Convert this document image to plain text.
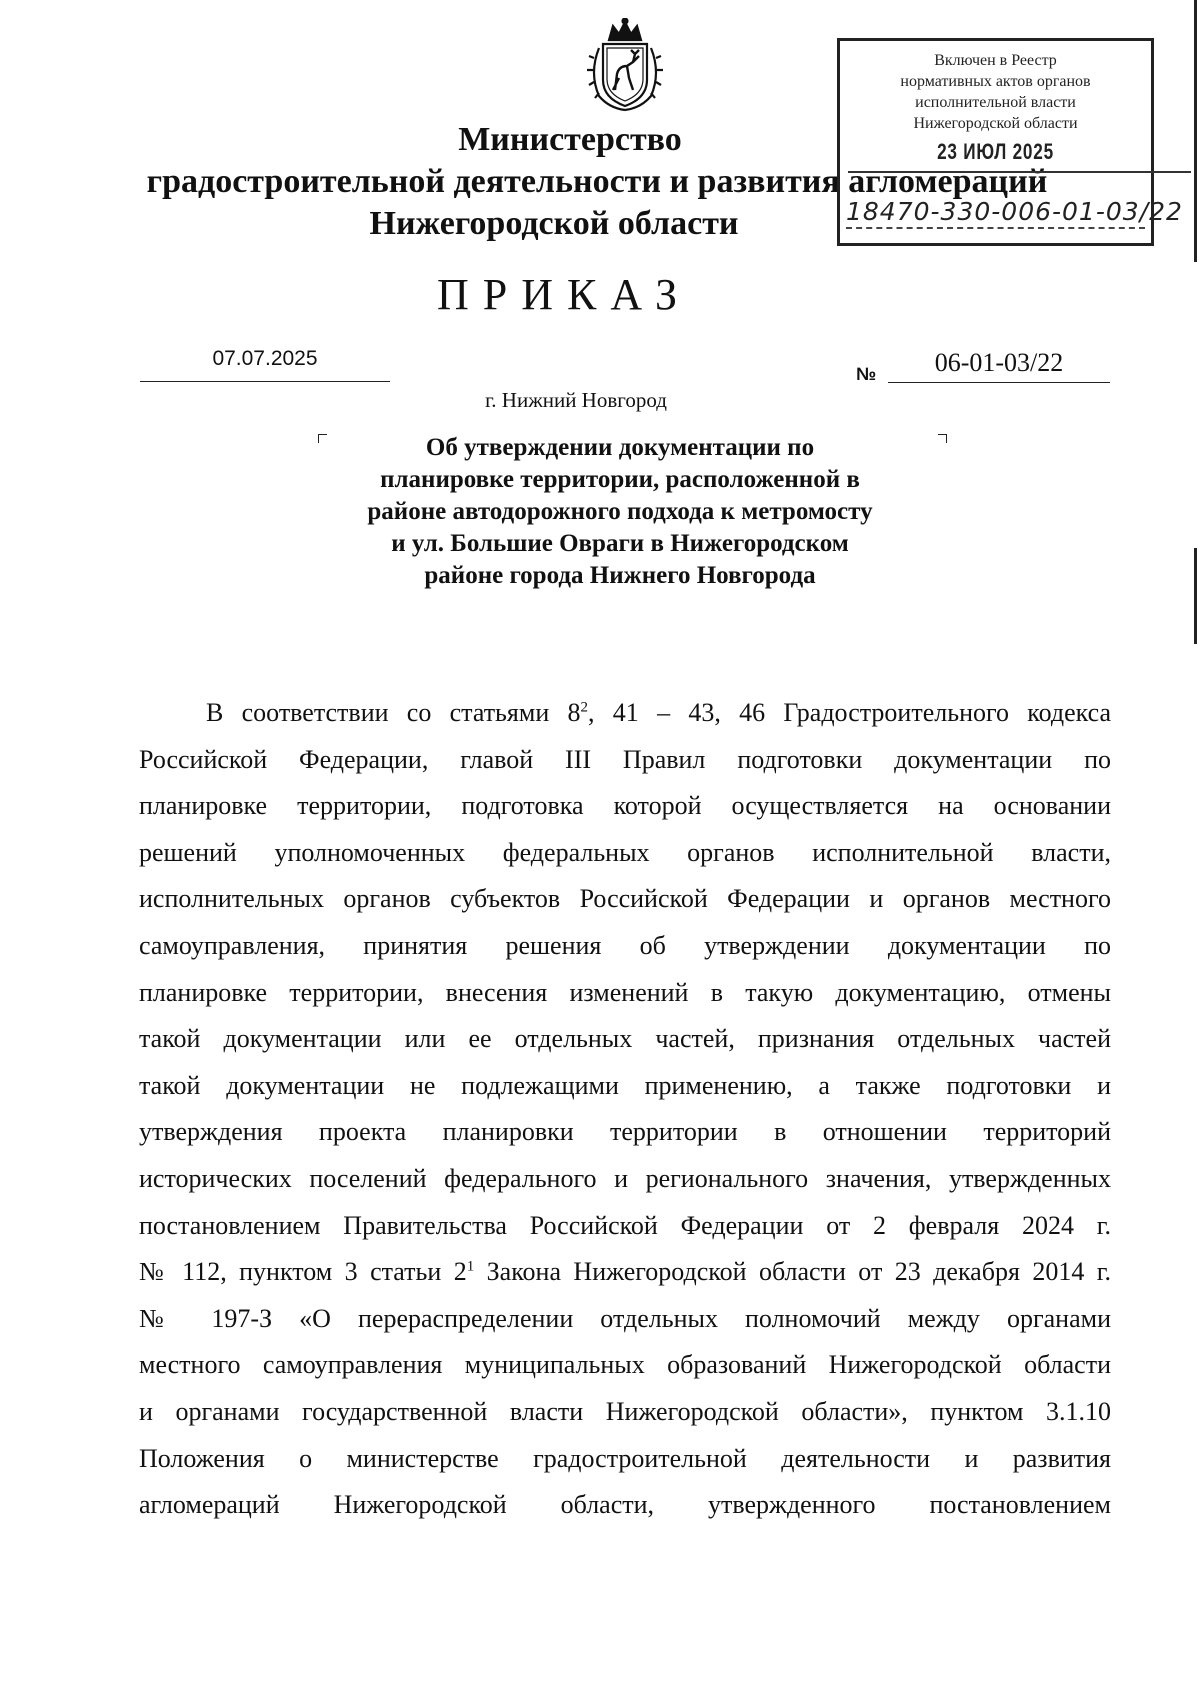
Министерство
градостроительной деятельности и развития агломераций
Нижегородской области
Включен в Реестр
нормативных актов органов
исполнительной власти
Нижегородской области
23 ИЮЛ 2025
18470-330-006-01-03/22
ПРИКАЗ
07.07.2025
№	06-01-03/22
г. Нижний Новгород
Об утверждении документации по
планировке территории, расположенной в
районе автодорожного подхода к метромосту
и ул. Большие Овраги в Нижегородском
районе города Нижнего Новгорода
В соответствии со статьями $8^2$, 41 – 43, 46 Градостроительного кодекса
Российской Федерации, главой III Правил подготовки документации по
планировке территории, подготовка которой осуществляется на основании
решений уполномоченных федеральных органов исполнительной власти,
исполнительных органов субъектов Российской Федерации и органов местного
самоуправления, принятия решения об утверждении документации по
планировке территории, внесения изменений в такую документацию, отмены
такой документации или ее отдельных частей, признания отдельных частей
такой документации не подлежащими применению, а также подготовки и
утверждения проекта планировки территории в отношении территорий
исторических поселений федерального и регионального значения, утвержденных
постановлением Правительства Российской Федерации от 2 февраля 2024 г.
№ 112, пунктом 3 статьи $2^1$ Закона Нижегородской области от 23 декабря 2014 г.
№ 197-З «О перераспределении отдельных полномочий между органами
местного самоуправления муниципальных образований Нижегородской области
и органами государственной власти Нижегородской области», пунктом 3.1.10
Положения о министерстве градостроительной деятельности и развития
агломераций Нижегородской области, утвержденного постановлением
